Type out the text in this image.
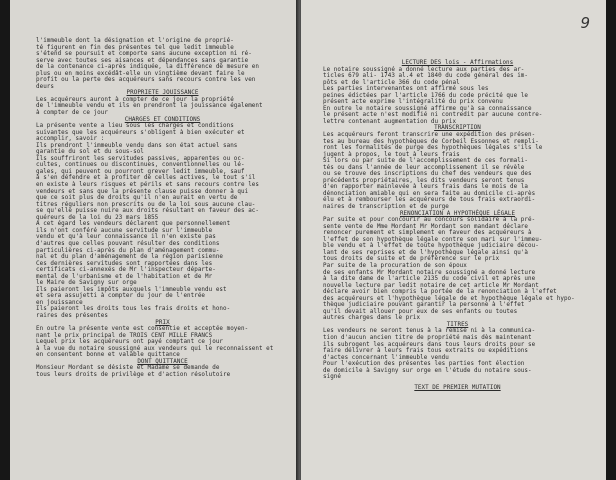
l'immeuble dont la désignation et l'origine de proprié-
té figurent en fin des présentes tel que ledit immeuble
s'étend se poursuit et comporte sans aucune exception ni ré-
serve avec toutes ses aisances et dépendances sans garantie
de la contenance ci-après indiquée, la différence de mesure en
plus ou en moins excédât-elle un vingtième devant faire le
profit ou la perte des acquéreurs sans recours contre les ven
deurs
PROPRIETE JOUISSANCE
Les acquéreurs auront à compter de ce jour la propriété
de l'immeuble vendu et ils en prendront la jouissance également
à compter de ce jour
CHARGES ET CONDITIONS
La présente vente a lieu sous les charges et conditions
suivantes que les acquéreurs s'obligent à bien exécuter et
accomplir, savoir :
Ils prendront l'immeuble vendu dans son état actuel sans
garantie du sol et du sous-sol
Ils souffriront les servitudes passives, apparentes ou oc-
cultes, continues ou discontinues, conventionnelles ou lé-
gales, qui peuvent ou pourront grever ledit immeuble, sauf
à s'en défendre et à profiter de celles actives, le tout s'il
en existe à leurs risques et périls et sans recours contre les
vendeurs et sans que la présente clause puisse donner à qui
que ce soit plus de droits qu'il n'en aurait en vertu de
titres réguliers non prescrits ou de la loi sous aucune clau-
se qu'elle puisse nuire aux droits résultant en faveur des ac-
quéreurs de la loi du 23 mars 1855
A cet égard les vendeurs déclarent que personnellement
ils n'ont conféré aucune servitude sur l'immeuble
vendu et qu'à leur connaissance il n'en existe pas
d'autres que celles pouvant résulter des conditions
particulières ci-après du plan d'aménagement commu-
nal et du plan d'aménagement de la région parisienne
Ces dernières servitudes sont rapportées dans les
certificats ci-annexés de Mr l'inspecteur départe-
mental de l'urbanisme et de l'habitation et de Mr
le Maire de Savigny sur orge
Ils paieront les impôts auxquels l'immeuble vendu est
et sera assujetti à compter du jour de l'entrée
en jouissance
Ils paieront les droits tous les frais droits et hono-
raires des présentes
PRIX
En outre la présente vente est consentie et acceptée moyen-
nant le prix principal de TROIS CENT MILLE FRANCS
Lequel prix les acquéreurs ont payé comptant ce jour
à la vue du notaire soussigné aux vendeurs qui le reconnaissent et
en consentent bonne et valable quittance
DONT QUITTANCE
Monsieur Mordant se désiste et Madame se demande de
tous leurs droits de privilège et d'action résolutoire
9
LECTURE DES lois - Affirmations
Le notaire soussigné a donné lecture aux parties des ar-
ticles 679 ali- 1743 al.4 et 1840 du code général des im-
pôts et de l'article 366 du code pénal
Les parties intervenantes ont affirmé sous les
peines édictées par l'article 1766 du code précité que le
présent acte exprime l'intégralité du prix convenu
En outre le notaire soussigné affirme qu'à sa connaissance
le présent acte n'est modifié ni contredit par aucune contre-
lettre contenant augmentation du prix
TRANSCRIPTION
Les acquéreurs feront transcrire une expédition des présen-
tes au bureau des hypothèques de Corbeil Essonnes et rempli-
ront les formalités de purge des hypothèques légales s'ils le
jugent à propos, le tout à leurs frais
Si lors ou par suite de l'accomplissement de ces formali-
tés ou dans l'année de leur accomplissement il se révèle
ou se trouve des inscriptions du chef des vendeurs que des
précédents propriétaires, les dits vendeurs seront tenus
d'en rapporter mainlevée à leurs frais dans le mois de la
dénonciation amiable qui en sera faite au domicile ci-après
élu et à rembourser les acquéreurs de tous frais extraordi-
naires de transcription et de purge
RENONCIATION A HYPOTHÈQUE LÉGALE
Par suite et pour concourir au concours solidaire à la pré-
sente vente de Mme Mordant Mr Mordant son mandant déclare
renoncer purement et simplement en faveur des acquéreurs à
l'effet de son hypothèque légale contre son mari sur l'immeu-
ble vendu et à l'effet de toute hypothèque judiciaire décou-
lant de ses reprises et de l'hypothèque légale ainsi qu'à
tous droits de suite et de préférence sur le prix
Par suite de la procuration de son époux
de ses enfants Mr Mordant notaire soussigné a donné lecture
à la dite dame de l'article 2135 du code civil et après une
nouvelle lecture par ledit notaire de cet article Mr Mordant
déclare avoir bien compris la portée de la renonciation à l'effet
des acquéreurs et l'hypothèque légale de et hypothèque légale et hypo-
thèque judiciaire pouvant garantir la personne à l'effet
qu'il devait allouer pour eux de ses enfants ou toutes
autres charges dans le prix
TITRES
Les vendeurs ne seront tenus à la remise ni à la communica-
tion d'aucun ancien titre de propriété mais dès maintenant
ils subrogent les acquéreurs dans tous leurs droits pour se
faire délivrer à leurs frais tous extraits ou expéditions
d'actes concernant l'immeuble vendu
Pour l'exécution des présentes les parties font élection
de domicile à Savigny sur orge en l'étude du notaire sous-
signé
TEXT DE PREMIER MUTATION
